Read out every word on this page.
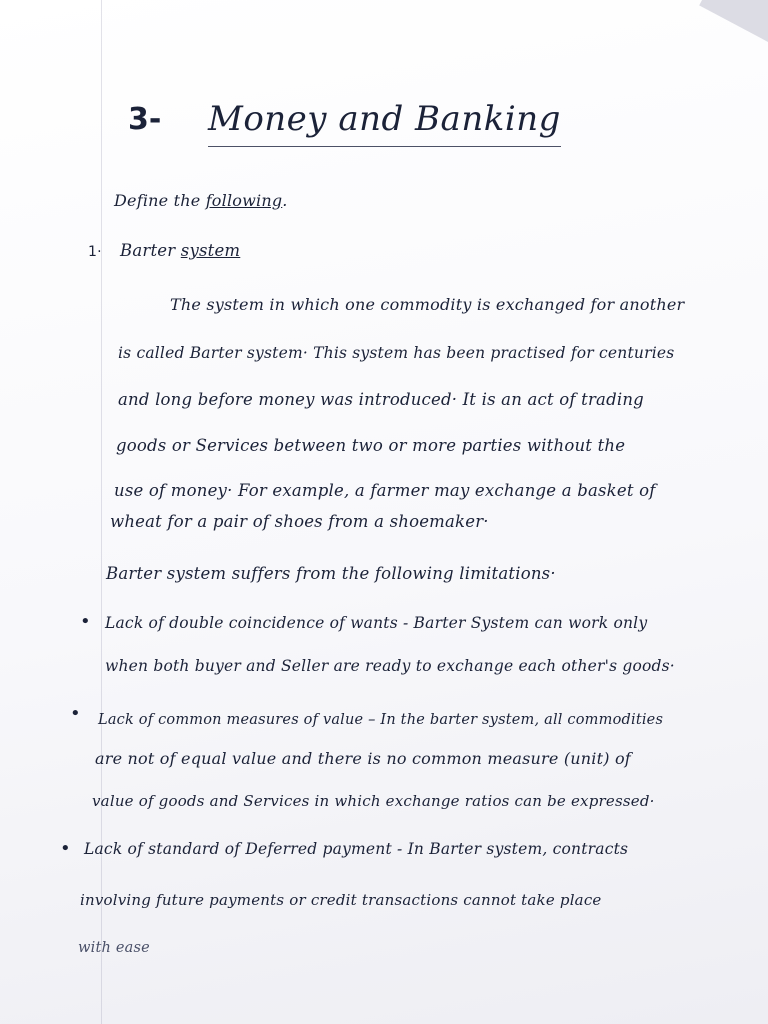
3- Money and Banking
Define the following.
1· Barter system
The system in which one commodity is exchanged for another
is called Barter system· This system has been practised for centuries
and long before money was introduced· It is an act of trading
goods or Services between two or more parties without the
use of money· For example, a farmer may exchange a basket of
wheat for a pair of shoes from a shoemaker·
Barter system suffers from the following limitations·
• Lack of double coincidence of wants - Barter System can work only
when both buyer and Seller are ready to exchange each other's goods·
• Lack of common measures of value – In the barter system, all commodities
are not of equal value and there is no common measure (unit) of
value of goods and Services in which exchange ratios can be expressed·
• Lack of standard of Deferred payment - In Barter system, contracts
involving future payments or credit transactions cannot take place
with ease
